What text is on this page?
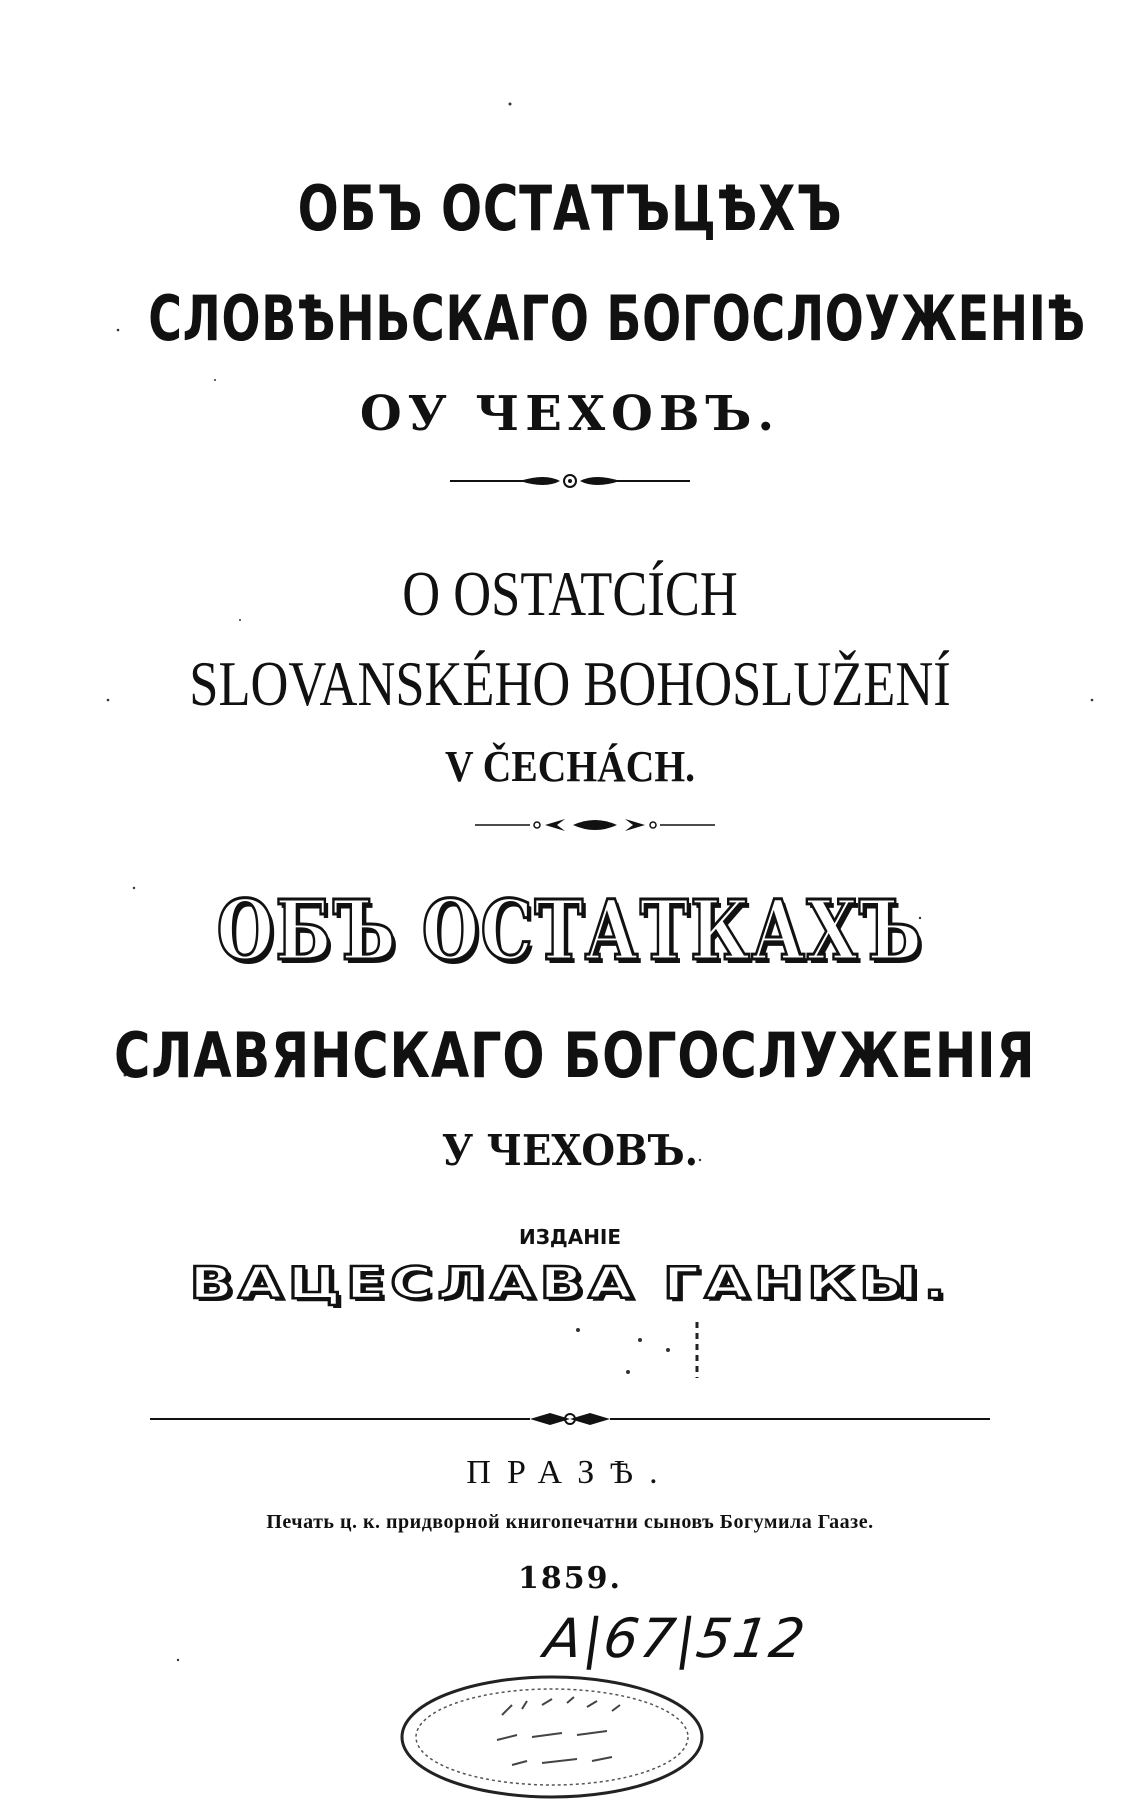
ОБЪ ОСТАТЪЦѢХЪ
СЛОВѢНЬСКАГО БОГОСЛОУЖЕНІѢ
ОУ ЧЕХОВЪ.
O OSTATCÍCH
SLOVANSKÉHO BOHOSLUŽENÍ
V ČECHÁCH.
ОБЪ ОСТАТКАХЪ
СЛАВЯНСКАГО БОГОСЛУЖЕНІЯ
У ЧЕХОВЪ.
ИЗДАНІЕ
ВАЦЕСЛАВА ГАНКЫ.
ПРАЗѢ.
Печать ц. к. придворной книгопечатни сыновъ Богумила Гаазе.
1859.
A|67|512
